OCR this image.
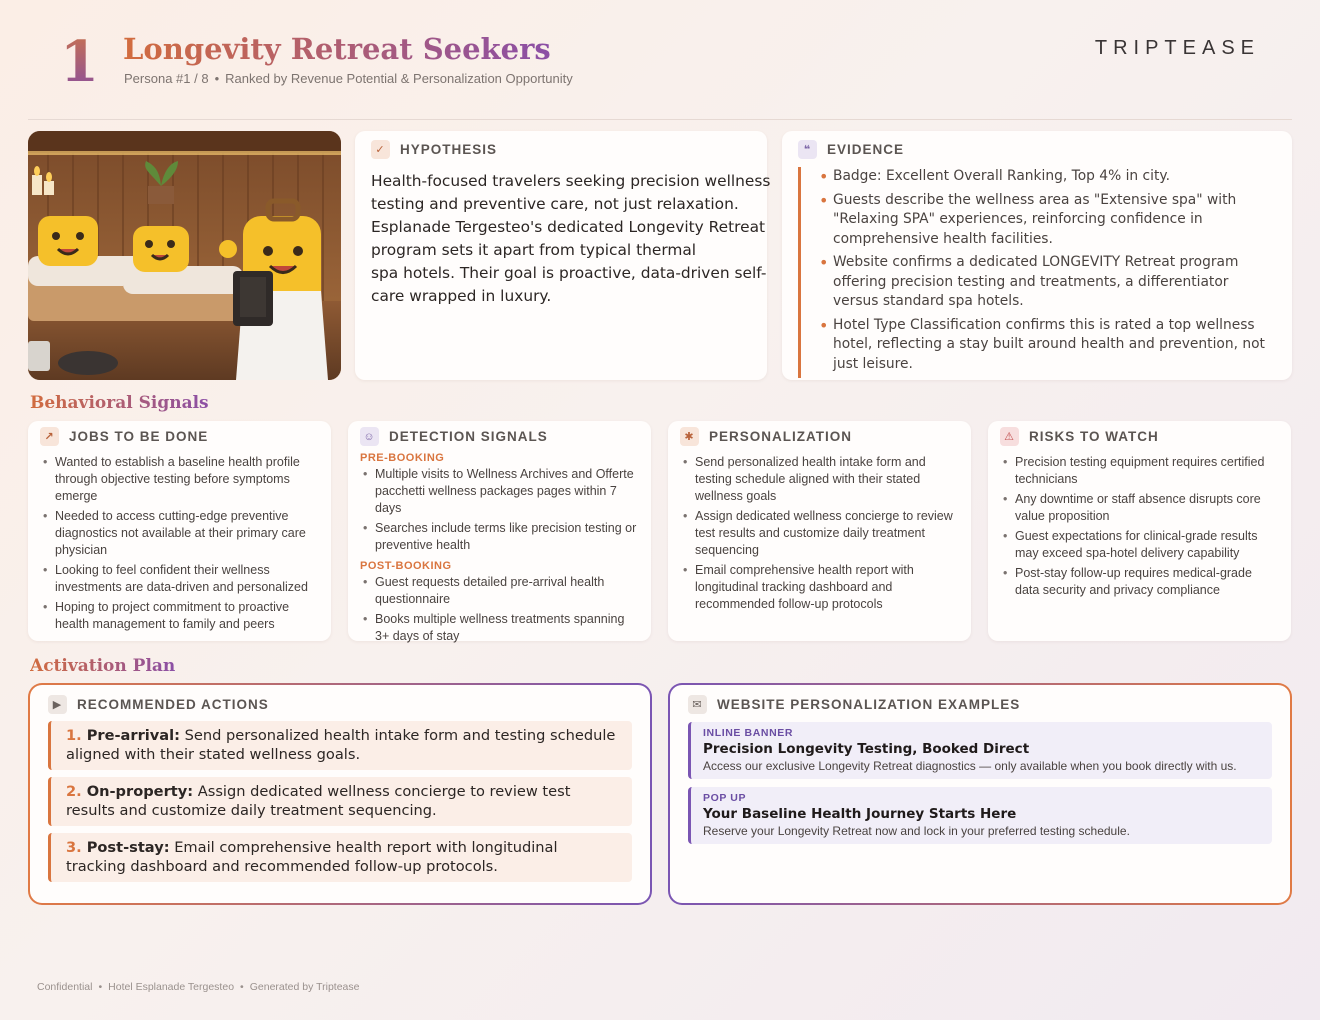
1 Longevity Retreat Seekers
Persona #1 / 8 • Ranked by Revenue Potential & Personalization Opportunity
TRIPTEASE
✓	HYPOTHESIS
Health-focused travelers seeking precision wellness
testing and preventive care, not just relaxation.
Esplanade Tergesteo's dedicated Longevity Retreat
program sets it apart from typical thermal
spa hotels. Their goal is proactive, data-driven self-
care wrapped in luxury.
❝	EVIDENCE
• Badge: Excellent Overall Ranking, Top 4% in city.
• Guests describe the wellness area as "Extensive spa" with "Relaxing SPA" experiences, reinforcing confidence in comprehensive health facilities.
• Website confirms a dedicated LONGEVITY Retreat program offering precision testing and treatments, a differentiator versus standard spa hotels.
• Hotel Type Classification confirms this is rated a top wellness hotel, reflecting a stay built around health and prevention, not just leisure.
Behavioral Signals
↗	JOBS TO BE DONE
• Wanted to establish a baseline health profile through objective testing before symptoms emerge
• Needed to access cutting-edge preventive diagnostics not available at their primary care physician
• Looking to feel confident their wellness investments are data-driven and personalized
• Hoping to project commitment to proactive health management to family and peers
☺ DETECTION SIGNALS
PRE-BOOKING
• Multiple visits to Wellness Archives and Offerte pacchetti wellness packages pages within 7 days
• Searches include terms like precision testing or preventive health
POST-BOOKING
• Guest requests detailed pre-arrival health questionnaire
• Books multiple wellness treatments spanning 3+ days of stay
✱	PERSONALIZATION
• Send personalized health intake form and testing schedule aligned with their stated wellness goals
• Assign dedicated wellness concierge to review test results and customize daily treatment sequencing
• Email comprehensive health report with longitudinal tracking dashboard and recommended follow-up protocols
⚠	RISKS TO WATCH
• Precision testing equipment requires certified technicians
• Any downtime or staff absence disrupts core value proposition
• Guest expectations for clinical-grade results may exceed spa-hotel delivery capability
• Post-stay follow-up requires medical-grade data security and privacy compliance
Activation Plan
▶	RECOMMENDED ACTIONS
1. Pre-arrival: Send personalized health intake form and testing schedule aligned with their stated wellness goals.
2. On-property: Assign dedicated wellness concierge to review test results and customize daily treatment sequencing.
3. Post-stay: Email comprehensive health report with longitudinal tracking dashboard and recommended follow-up protocols.
✉	WEBSITE PERSONALIZATION EXAMPLES
INLINE BANNER
Precision Longevity Testing, Booked Direct
Access our exclusive Longevity Retreat diagnostics — only available when you book directly with us.
POP UP
Your Baseline Health Journey Starts Here
Reserve your Longevity Retreat now and lock in your preferred testing schedule.
Confidential • Hotel Esplanade Tergesteo • Generated by Triptease
